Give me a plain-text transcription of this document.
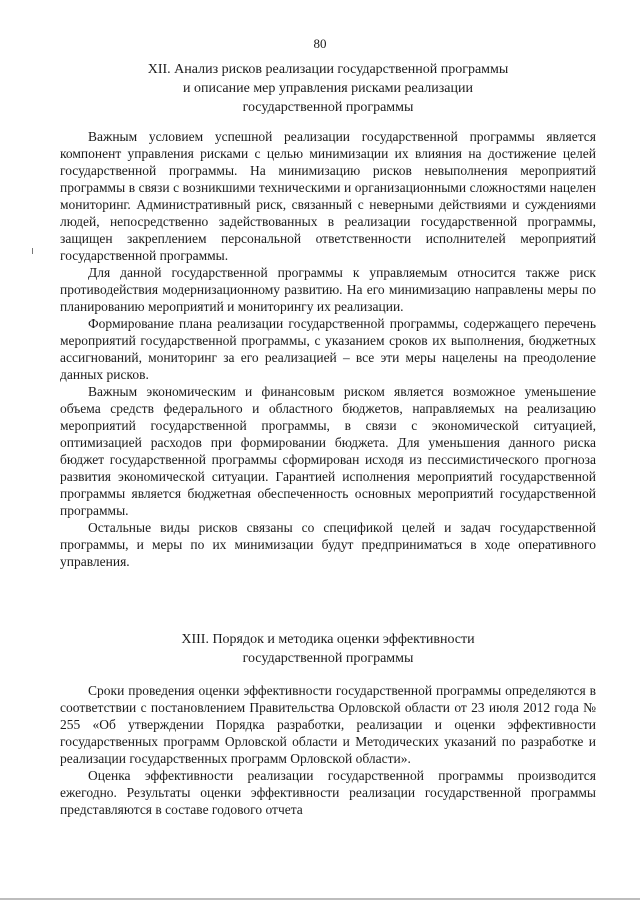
80
XII. Анализ рисков реализации государственной программы
и описание мер управления рисками реализации
государственной программы

Важным условием успешной реализации государственной программы является компонент управления рисками с целью минимизации их влияния на достижение целей государственной программы. На минимизацию рисков невыполнения мероприятий программы в связи с возникшими техническими и организационными сложностями нацелен мониторинг. Административный риск, связанный с неверными действиями и суждениями людей, непосредственно задействованных в реализации государственной программы, защищен закреплением персональной ответственности исполнителей мероприятий государственной программы.

Для данной государственной программы к управляемым относится также риск противодействия модернизационному развитию. На его минимизацию направлены меры по планированию мероприятий и мониторингу их реализации.

Формирование плана реализации государственной программы, содержащего перечень мероприятий государственной программы, с указанием сроков их выполнения, бюджетных ассигнований, мониторинг за его реализацией – все эти меры нацелены на преодоление данных рисков.

Важным экономическим и финансовым риском является возможное уменьшение объема средств федерального и областного бюджетов, направляемых на реализацию мероприятий государственной программы, в связи с экономической ситуацией, оптимизацией расходов при формировании бюджета. Для уменьшения данного риска бюджет государственной программы сформирован исходя из пессимистического прогноза развития экономической ситуации. Гарантией исполнения мероприятий государственной программы является бюджетная обеспеченность основных мероприятий государственной программы.

Остальные виды рисков связаны со спецификой целей и задач государственной программы, и меры по их минимизации будут предприниматься в ходе оперативного управления.

XIII. Порядок и методика оценки эффективности
государственной программы

Сроки проведения оценки эффективности государственной программы определяются в соответствии с постановлением Правительства Орловской области от 23 июля 2012 года № 255 «Об утверждении Порядка разработки, реализации и оценки эффективности государственных программ Орловской области и Методических указаний по разработке и реализации государственных программ Орловской области».

Оценка эффективности реализации государственной программы производится ежегодно. Результаты оценки эффективности реализации государственной программы представляются в составе годового отчета
